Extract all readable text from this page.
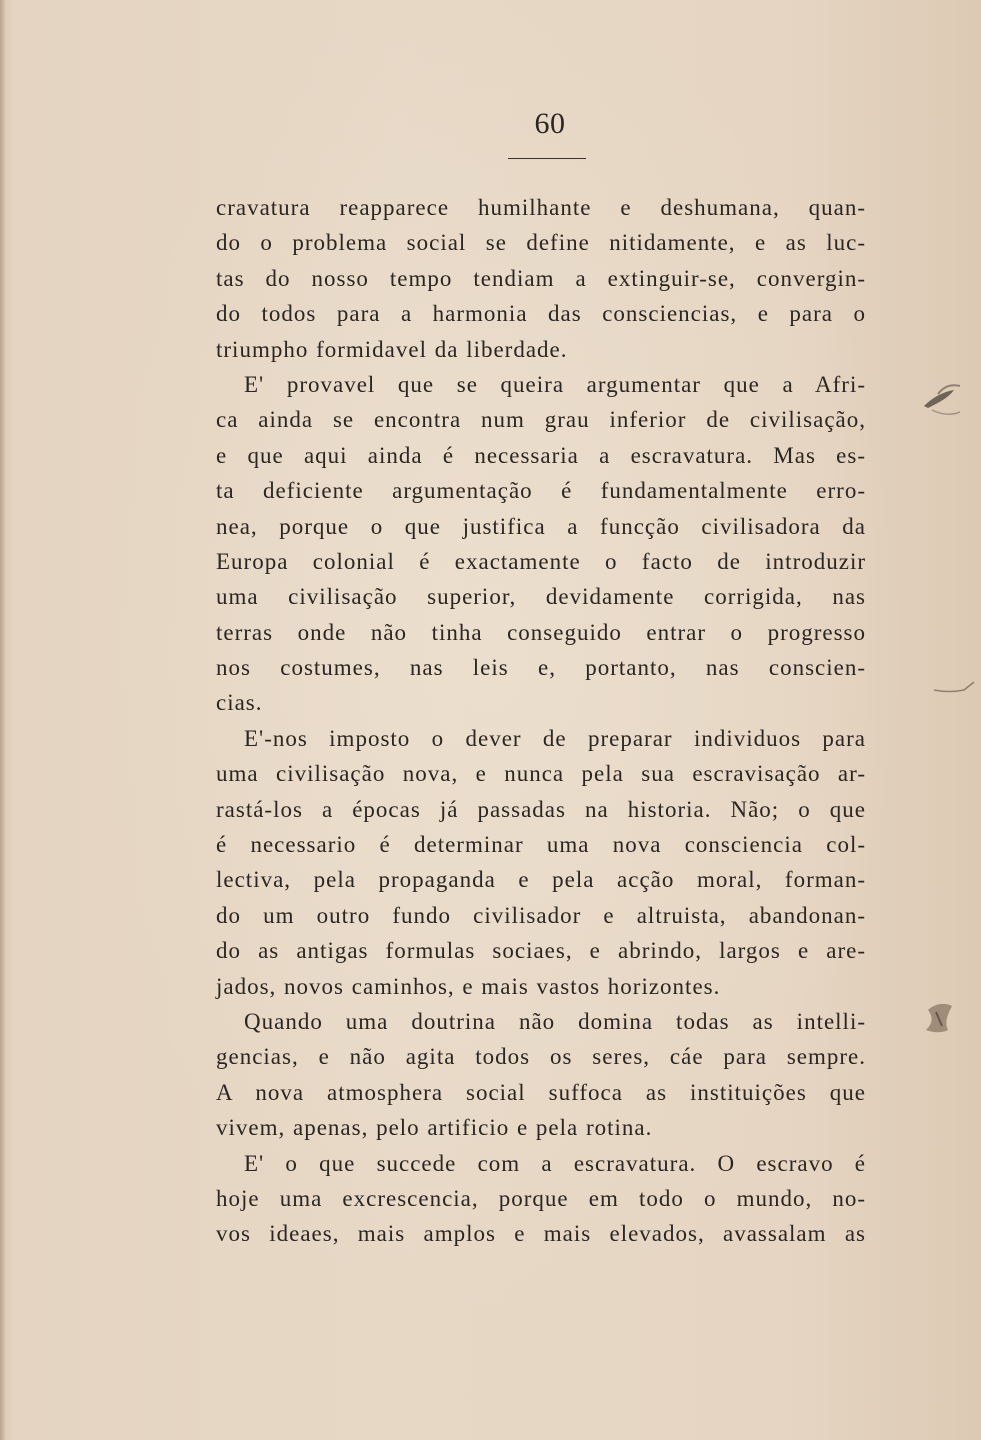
60
cravatura reapparece humilhante e deshumana, quan-
do o problema social se define nitidamente, e as luc-
tas do nosso tempo tendiam a extinguir-se, convergin-
do todos para a harmonia das consciencias, e para o
triumpho formidavel da liberdade.
E' provavel que se queira argumentar que a Afri-
ca ainda se encontra num grau inferior de civilisação,
e que aqui ainda é necessaria a escravatura. Mas es-
ta deficiente argumentação é fundamentalmente erro-
nea, porque o que justifica a funcção civilisadora da
Europa colonial é exactamente o facto de introduzir
uma civilisação superior, devidamente corrigida, nas
terras onde não tinha conseguido entrar o progresso
nos costumes, nas leis e, portanto, nas conscien-
cias.
E'-nos imposto o dever de preparar individuos para
uma civilisação nova, e nunca pela sua escravisação ar-
rastá-los a épocas já passadas na historia. Não; o que
é necessario é determinar uma nova consciencia col-
lectiva, pela propaganda e pela acção moral, forman-
do um outro fundo civilisador e altruista, abandonan-
do as antigas formulas sociaes, e abrindo, largos e are-
jados, novos caminhos, e mais vastos horizontes.
Quando uma doutrina não domina todas as intelli-
gencias, e não agita todos os seres, cáe para sempre.
A nova atmosphera social suffoca as instituições que
vivem, apenas, pelo artificio e pela rotina.
E' o que succede com a escravatura. O escravo é
hoje uma excrescencia, porque em todo o mundo, no-
vos ideaes, mais amplos e mais elevados, avassalam as
